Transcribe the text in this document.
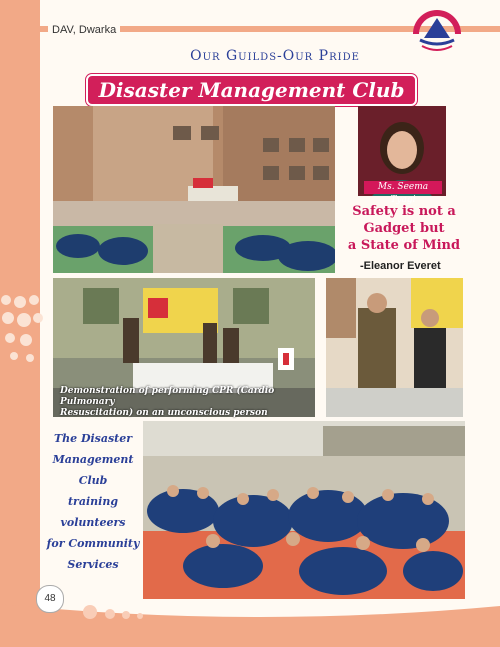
DAV, Dwarka
Our Guilds-Our Pride
Disaster Management Club
Ms. Seema Tyagi
Safety is not a
Gadget but
a State of Mind
-Eleanor Everet
Demonstration of performing CPR (Cardio Pulmonary
Resuscitation) on an unconscious person
The Disaster
Management
Club
training
volunteers
for Community
Services
48
